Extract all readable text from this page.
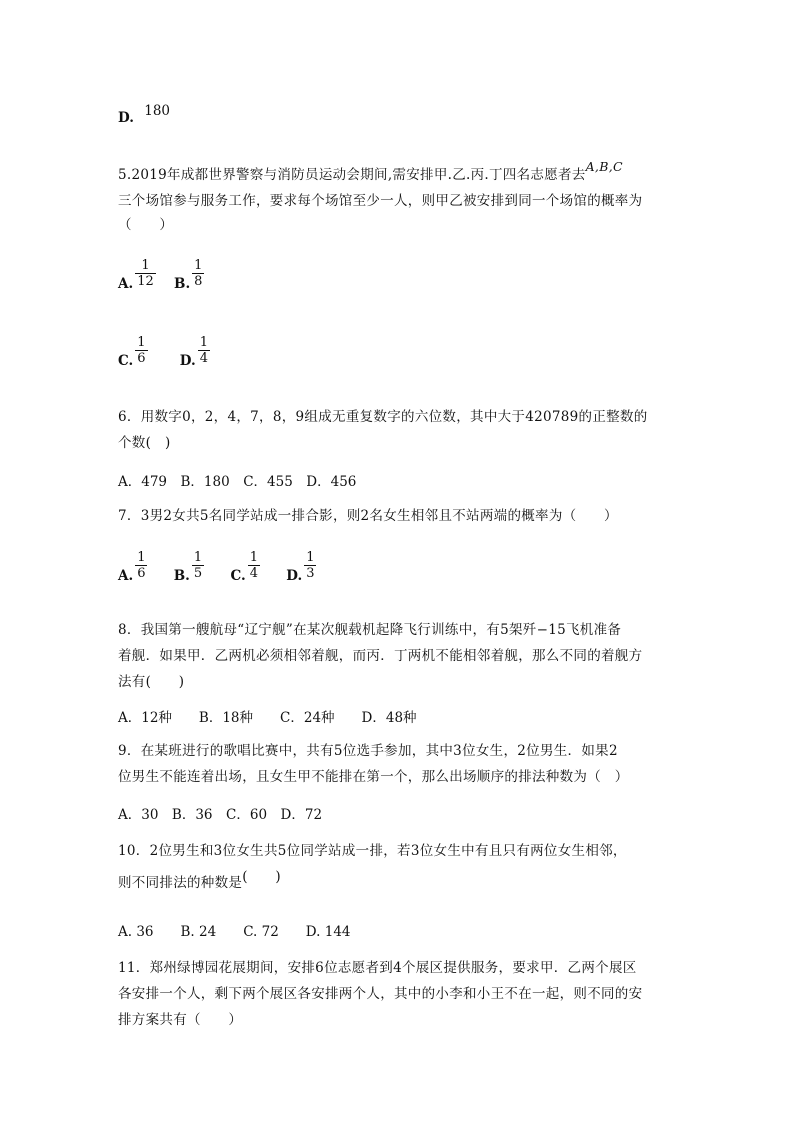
D. 180
5.2019年成都世界警察与消防员运动会期间,需安排甲.乙.丙.丁四名志愿者去A,B,C
三个场馆参与服务工作，要求每个场馆至少一人，则甲乙被安排到同一个场馆的概率为
（　　）
A. $\frac{1}{12} B$. $\frac{1}{8}$
C. $\frac{1}{6} D$. $\frac{1}{4}$
6．用数字0，2，4，7，8，9组成无重复数字的六位数，其中大于420789的正整数的
个数(　)
A．479　B．180　C．455　D．456
7．3男2女共5名同学站成一排合影，则2名女生相邻且不站两端的概率为（　　）
A. $\frac{1}{6} B$. $\frac{1}{5} C$. $\frac{1}{4} D$. $\frac{1}{3}$
8．我国第一艘航母“辽宁舰”在某次舰载机起降飞行训练中，有5架歼−15飞机准备
着舰．如果甲．乙两机必须相邻着舰，而丙．丁两机不能相邻着舰，那么不同的着舰方
法有(　　)
A．12种　　B．18种　　C．24种　　D．48种
9．在某班进行的歌唱比赛中，共有5位选手参加，其中3位女生，2位男生．如果2
位男生不能连着出场，且女生甲不能排在第一个，那么出场顺序的排法种数为（　）
A．30　B．36　C．60　D．72
10．2位男生和3位女生共5位同学站成一排，若3位女生中有且只有两位女生相邻，
则不同排法的种数是(　　)
A. 36　　B. 24　　C. 72　　D. 144
11．郑州绿博园花展期间，安排6位志愿者到4个展区提供服务，要求甲．乙两个展区
各安排一个人，剩下两个展区各安排两个人，其中的小李和小王不在一起，则不同的安
排方案共有（　　）
